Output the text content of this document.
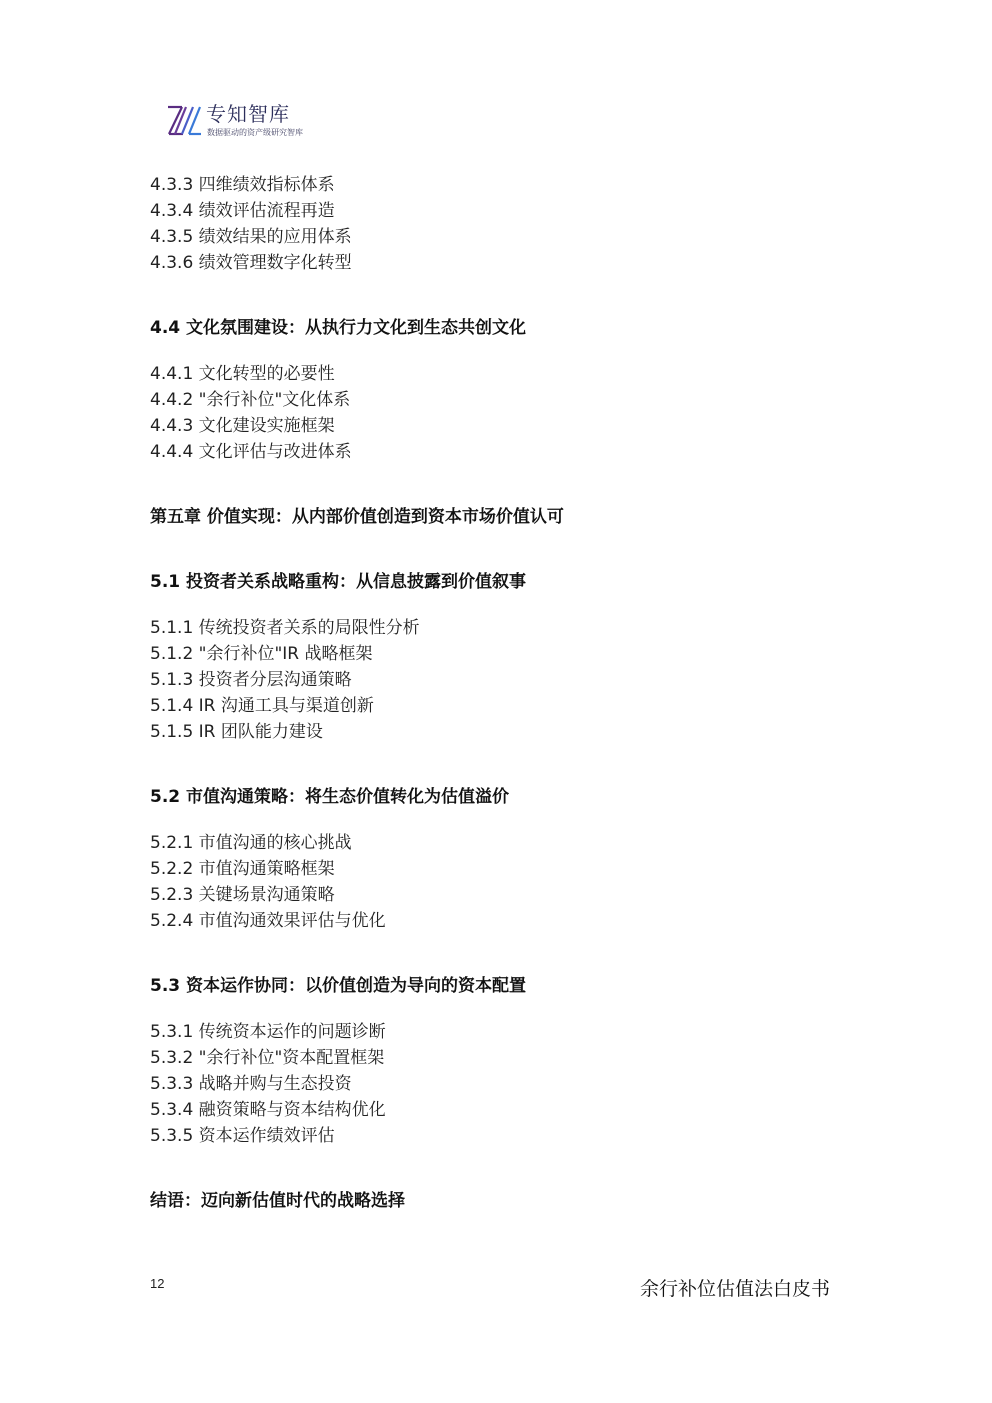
专知智库
数据驱动的资产级研究智库
4.3.3 四维绩效指标体系
4.3.4 绩效评估流程再造
4.3.5 绩效结果的应用体系
4.3.6 绩效管理数字化转型
4.4 文化氛围建设：从执行力文化到生态共创文化
4.4.1 文化转型的必要性
4.4.2 "余行补位"文化体系
4.4.3 文化建设实施框架
4.4.4 文化评估与改进体系
第五章 价值实现：从内部价值创造到资本市场价值认可
5.1 投资者关系战略重构：从信息披露到价值叙事
5.1.1 传统投资者关系的局限性分析
5.1.2 "余行补位"IR 战略框架
5.1.3 投资者分层沟通策略
5.1.4 IR 沟通工具与渠道创新
5.1.5 IR 团队能力建设
5.2 市值沟通策略：将生态价值转化为估值溢价
5.2.1 市值沟通的核心挑战
5.2.2 市值沟通策略框架
5.2.3 关键场景沟通策略
5.2.4 市值沟通效果评估与优化
5.3 资本运作协同：以价值创造为导向的资本配置
5.3.1 传统资本运作的问题诊断
5.3.2 "余行补位"资本配置框架
5.3.3 战略并购与生态投资
5.3.4 融资策略与资本结构优化
5.3.5 资本运作绩效评估
结语：迈向新估值时代的战略选择
12	余行补位估值法白皮书
